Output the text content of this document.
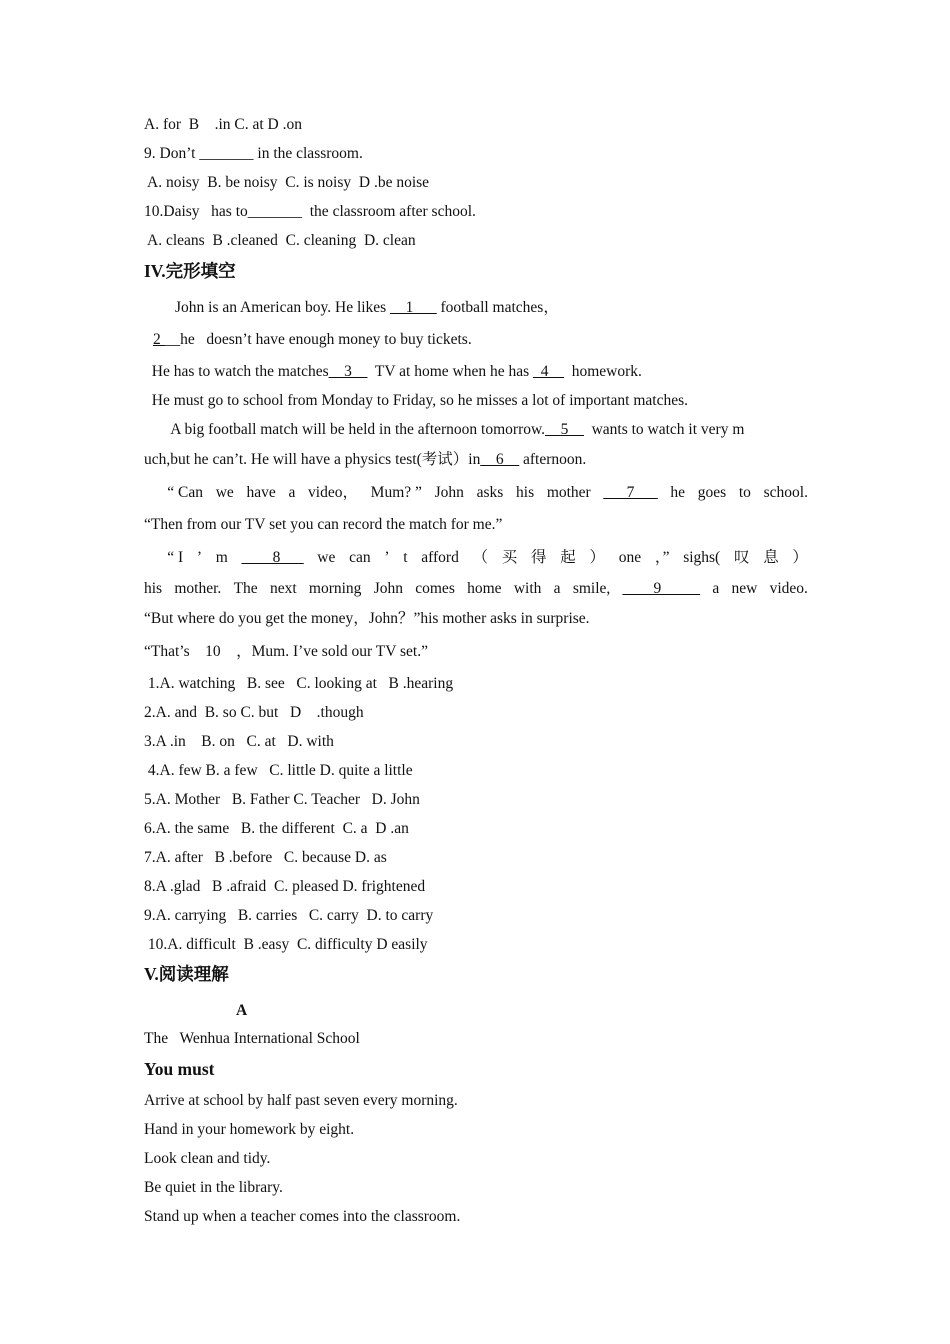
A. for  B    .in C. at D .on
9. Don’t _______ in the classroom.
A. noisy  B. be noisy  C. is noisy  D .be noise
10.Daisy   has to_______  the classroom after school.
A. cleans  B .cleaned  C. cleaning  D. clean
IV.完形填空
John is an American boy. He likes __1___ football matches，
2 __he   doesn’t have enough money to buy tickets.
He has to watch the matches__3__  TV at home when he has _4__  homework.
He must go to school from Monday to Friday, so he misses a lot of important matches.
A big football match will be held in the afternoon tomorrow.__5__  wants to watch it very m
uch,but he can’t. He will have a physics test(考试）in__6__ afternoon.
“ Can we have a video， Mum? ” John asks his mother ___7___ he goes to school.
“Then from our TV set you can record the match for me.”
“ I ’ m ____8___ we can ’ t afford （ 买 得 起 ） one ，” sighs( 叹 息 ）
his mother. The next morning John comes home with a smile, ____9_____ a new video.
“But where do you get the money，John？”his mother asks in surprise.
“That’s    10    ，Mum. I’ve sold our TV set.”
1.A. watching   B. see   C. looking at   B .hearing
2.A. and  B. so C. but   D    .though
3.A .in    B. on   C. at   D. with
4.A. few B. a few   C. little D. quite a little
5.A. Mother   B. Father C. Teacher   D. John
6.A. the same   B. the different  C. a  D .an
7.A. after   B .before   C. because D. as
8.A .glad   B .afraid  C. pleased D. frightened
9.A. carrying   B. carries   C. carry  D. to carry
10.A. difficult  B .easy  C. difficulty D easily
V.阅读理解
A
The   Wenhua International School
You must
Arrive at school by half past seven every morning.
Hand in your homework by eight.
Look clean and tidy.
Be quiet in the library.
Stand up when a teacher comes into the classroom.
